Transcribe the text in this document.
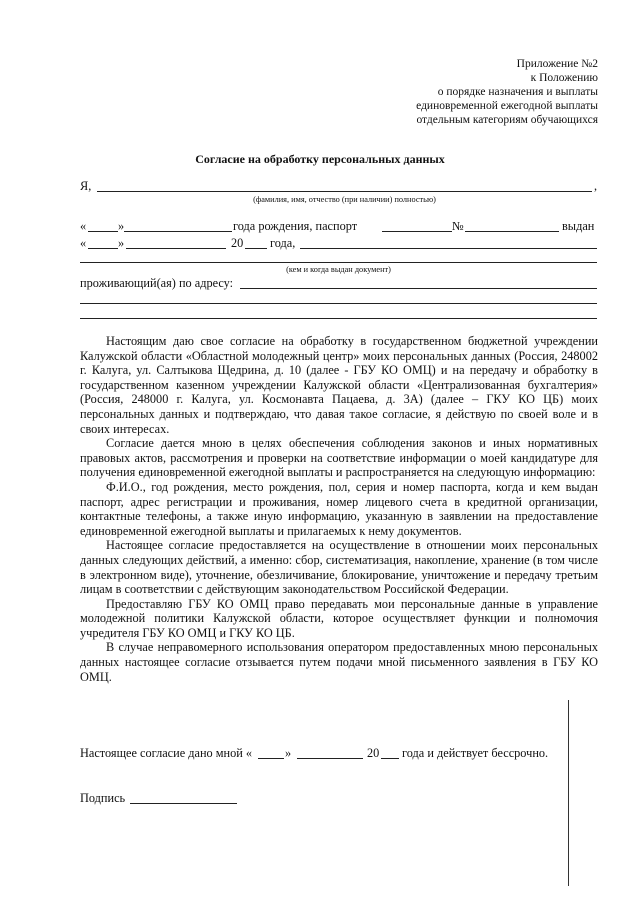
Приложение №2
к Положению
о порядке назначения и выплаты
единовременной ежегодной выплаты
отдельным категориям обучающихся
Согласие на обработку персональных данных
Я,	,
(фамилия, имя, отчество (при наличии) полностью)
«	»	года рождения, паспорт	№	выдан
«	»	20 года,
(кем и когда выдан документ)
проживающий(ая) по адресу:

Настоящим даю свое согласие на обработку в государственном бюджетной учреждении Калужской области «Областной молодежный центр» моих персональных данных (Россия, 248002 г. Калуга, ул. Салтыкова Щедрина, д. 10 (далее - ГБУ КО ОМЦ) и на передачу и обработку в государственном казенном учреждении Калужской области «Централизованная бухгалтерия» (Россия, 248000 г. Калуга, ул. Космонавта Пацаева, д. 3А) (далее – ГКУ КО ЦБ) моих персональных данных и подтверждаю, что давая такое согласие, я действую по своей воле и в своих интересах.

Согласие дается мною в целях обеспечения соблюдения законов и иных нормативных правовых актов, рассмотрения и проверки на соответствие информации о моей кандидатуре для получения единовременной ежегодной выплаты и распространяется на следующую информацию:

Ф.И.О., год рождения, место рождения, пол, серия и номер паспорта, когда и кем выдан паспорт, адрес регистрации и проживания, номер лицевого счета в кредитной организации, контактные телефоны, а также иную информацию, указанную в заявлении на предоставление единовременной ежегодной выплаты и прилагаемых к нему документов.

Настоящее согласие предоставляется на осуществление в отношении моих персональных данных следующих действий, а именно: сбор, систематизация, накопление, хранение (в том числе в электронном виде), уточнение, обезличивание, блокирование, уничтожение и передачу третьим лицам в соответствии с действующим законодательством Российской Федерации.

Предоставляю ГБУ КО ОМЦ право передавать мои персональные данные в управление молодежной политики Калужской области, которое осуществляет функции и полномочия учредителя ГБУ КО ОМЦ и ГКУ КО ЦБ.

В случае неправомерного использования оператором предоставленных мною персональных данных настоящее согласие отзывается путем подачи мной письменного заявления в ГБУ КО ОМЦ.

Настоящее согласие дано мной «	»	20 года и действует бессрочно.
Подпись
